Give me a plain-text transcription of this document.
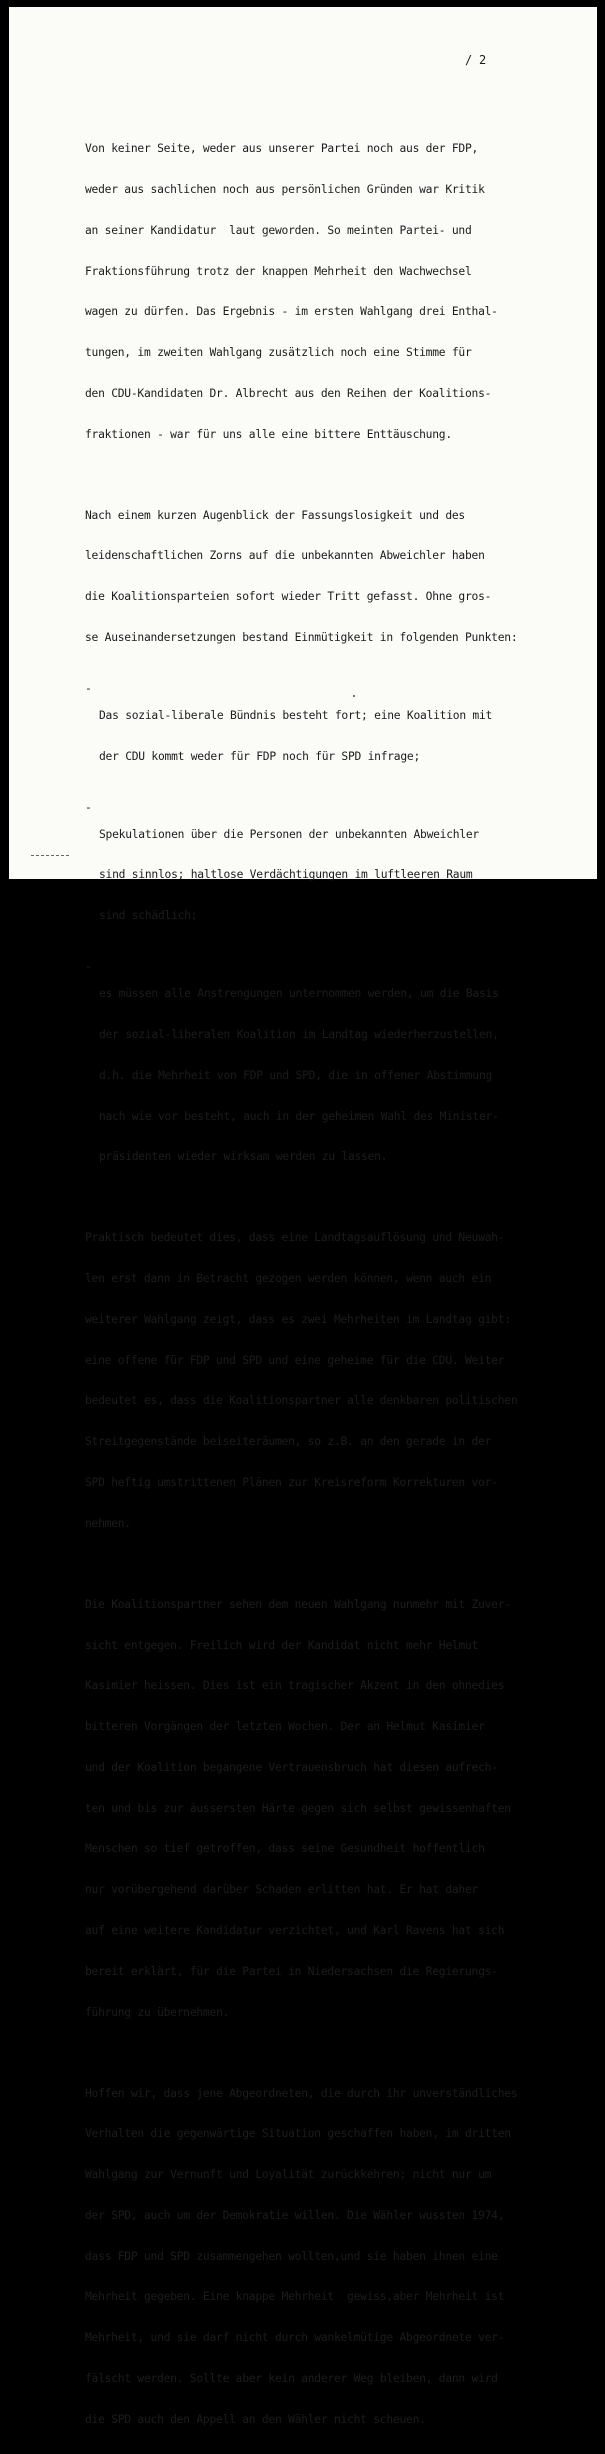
/ 2

Von keiner Seite, weder aus unserer Partei noch aus der FDP,

weder aus sachlichen noch aus persönlichen Gründen war Kritik

an seiner Kandidatur  laut geworden. So meinten Partei- und

Fraktionsführung trotz der knappen Mehrheit den Wachwechsel

wagen zu dürfen. Das Ergebnis - im ersten Wahlgang drei Enthal-

tungen, im zweiten Wahlgang zusätzlich noch eine Stimme für

den CDU-Kandidaten Dr. Albrecht aus den Reihen der Koalitions-

fraktionen - war für uns alle eine bittere Enttäuschung.

Nach einem kurzen Augenblick der Fassungslosigkeit und des

leidenschaftlichen Zorns auf die unbekannten Abweichler haben

die Koalitionsparteien sofort wieder Tritt gefasst. Ohne gros-

se Auseinandersetzungen bestand Einmütigkeit in folgenden Punkten:

-

Das sozial-liberale Bündnis besteht fort; eine Koalition mit

der CDU kommt weder für FDP noch für SPD infrage;

-

Spekulationen über die Personen der unbekannten Abweichler

sind sinnlos; haltlose Verdächtigungen im luftleeren Raum

sind schädlich;

-

es müssen alle Anstrengungen unternommen werden, um die Basis

der sozial-liberalen Koalition im Landtag wiederherzustellen,

d.h. die Mehrheit von FDP und SPD, die in offener Abstimmung

nach wie vor besteht, auch in der geheimen Wahl des Minister-

präsidenten wieder wirksam werden zu lassen.

Praktisch bedeutet dies, dass eine Landtagsauflösung und Neuwah-

len erst dann in Betracht gezogen werden können, wenn auch ein

weiterer Wahlgang zeigt, dass es zwei Mehrheiten im Landtag gibt:

eine offene für FDP und SPD und eine geheime für die CDU. Weiter

bedeutet es, dass die Koalitionspartner alle denkbaren politischen

Streitgegenstände beiseiteräumen, so z.B. an den gerade in der

SPD heftig umstrittenen Plänen zur Kreisreform Korrekturen vor-

nehmen.

Die Koalitionspartner sehen dem neuen Wahlgang nunmehr mit Zuver-

sicht entgegen. Freilich wird der Kandidat nicht mehr Helmut

Kasimier heissen. Dies ist ein tragischer Akzent in den ohnedies

bitteren Vorgängen der letzten Wochen. Der an Helmut Kasimier

und der Koalition begangene Vertrauensbruch hat diesen aufrech-

ten und bis zur äussersten Härte gegen sich selbst gewissenhaften

Menschen so tief getroffen, dass seine Gesundheit hoffentlich

nur vorübergehend darüber Schaden erlitten hat. Er hat daher

auf eine weitere Kandidatur verzichtet, und Karl Ravens hat sich

bereit erklärt, für die Partei in Niedersachsen die Regierungs-

führung zu übernehmen.

Hoffen wir, dass jene Abgeordneten, die durch ihr unverständliches

Verhalten die gegenwärtige Situation geschaffen haben, im dritten

Wahlgang zur Vernunft und Loyalität zurückkehren; nicht nur um

der SPD, auch um der Demokratie willen. Die Wähler wussten 1974,

dass FDP und SPD zusammengehen wollten,und sie haben ihnen eine

Mehrheit gegeben. Eine knappe Mehrheit  gewiss,aber Mehrheit ist

Mehrheit, und sie darf nicht durch wankelmütige Abgeordnete ver-

fälscht werden. Sollte aber kein anderer Weg bleiben, dann wird

die SPD auch den Appell an den Wähler nicht scheuen.
